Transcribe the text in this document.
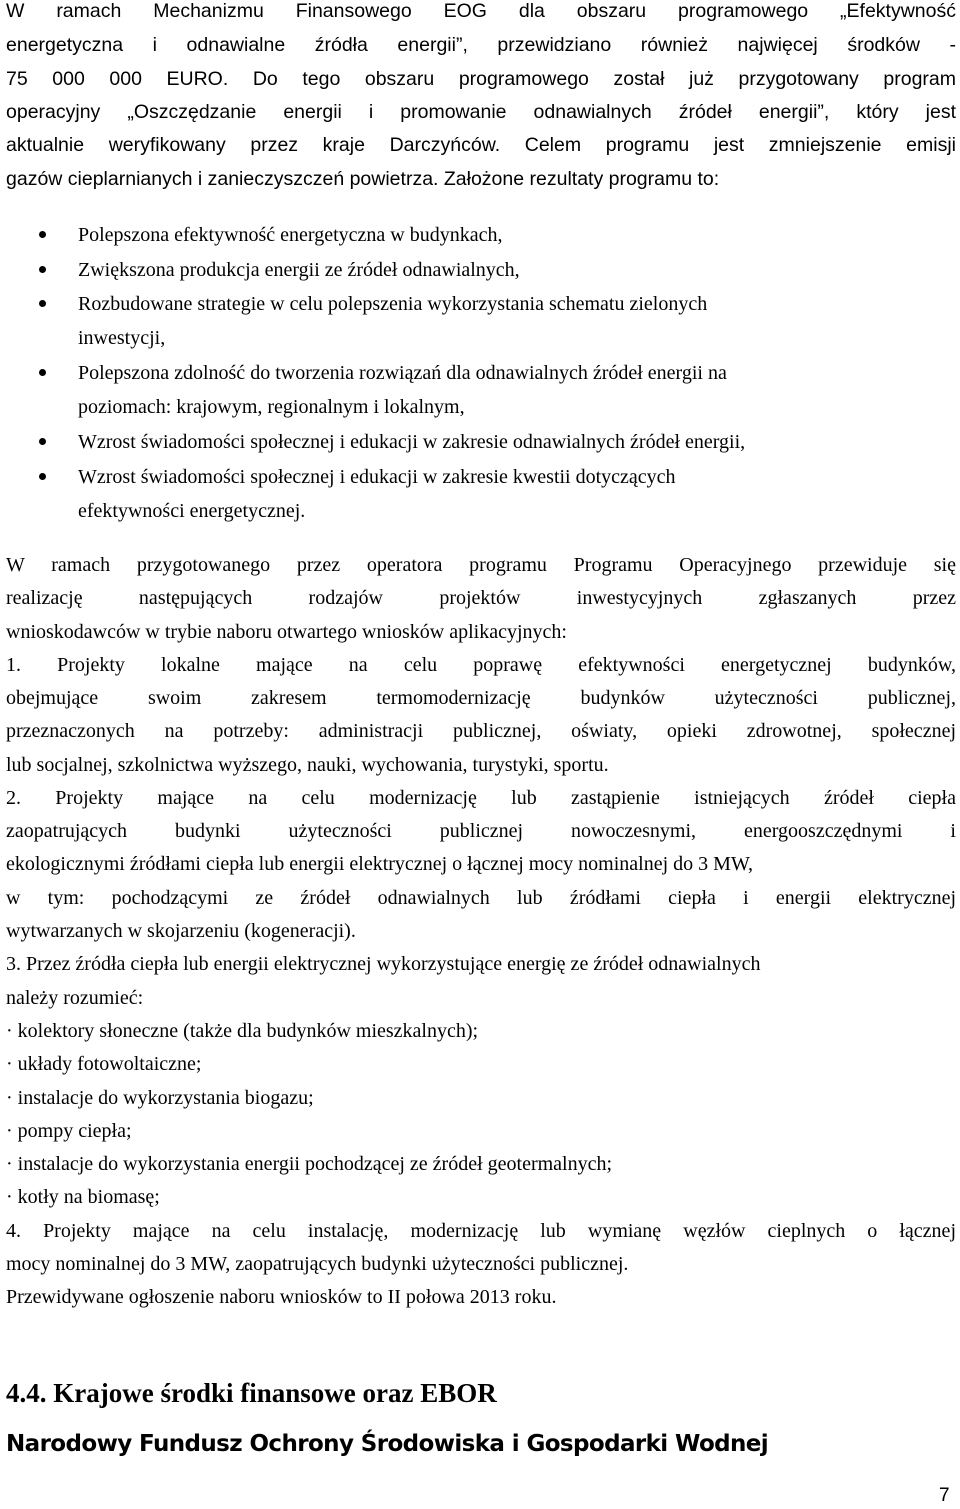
W ramach Mechanizmu Finansowego EOG dla obszaru programowego „Efektywność
energetyczna i odnawialne źródła energii”, przewidziano również najwięcej środków -
75 000 000 EURO. Do tego obszaru programowego został już przygotowany program
operacyjny „Oszczędzanie energii i promowanie odnawialnych źródeł energii”, który jest
aktualnie weryfikowany przez kraje Darczyńców. Celem programu jest zmniejszenie emisji
gazów cieplarnianych i zanieczyszczeń powietrza. Założone rezultaty programu to:
Polepszona efektywność energetyczna w budynkach,
Zwiększona produkcja energii ze źródeł odnawialnych,
Rozbudowane strategie w celu polepszenia wykorzystania schematu zielonych
inwestycji,
Polepszona zdolność do tworzenia rozwiązań dla odnawialnych źródeł energii na
poziomach: krajowym, regionalnym i lokalnym,
Wzrost świadomości społecznej i edukacji w zakresie odnawialnych źródeł energii,
Wzrost świadomości społecznej i edukacji w zakresie kwestii dotyczących
efektywności energetycznej.
W ramach przygotowanego przez operatora programu Programu Operacyjnego przewiduje się
realizację następujących rodzajów projektów inwestycyjnych zgłaszanych przez
wnioskodawców w trybie naboru otwartego wniosków aplikacyjnych:
1. Projekty lokalne mające na celu poprawę efektywności energetycznej budynków,
obejmujące swoim zakresem termomodernizację budynków użyteczności publicznej,
przeznaczonych na potrzeby: administracji publicznej, oświaty, opieki zdrowotnej, społecznej
lub socjalnej, szkolnictwa wyższego, nauki, wychowania, turystyki, sportu.
2. Projekty mające na celu modernizację lub zastąpienie istniejących źródeł ciepła
zaopatrujących budynki użyteczności publicznej nowoczesnymi, energooszczędnymi i
ekologicznymi źródłami ciepła lub energii elektrycznej o łącznej mocy nominalnej do 3 MW,
w tym: pochodzącymi ze źródeł odnawialnych lub źródłami ciepła i energii elektrycznej
wytwarzanych w skojarzeniu (kogeneracji).
3. Przez źródła ciepła lub energii elektrycznej wykorzystujące energię ze źródeł odnawialnych
należy rozumieć:
· kolektory słoneczne (także dla budynków mieszkalnych);
· układy fotowoltaiczne;
· instalacje do wykorzystania biogazu;
· pompy ciepła;
· instalacje do wykorzystania energii pochodzącej ze źródeł geotermalnych;
· kotły na biomasę;
4. Projekty mające na celu instalację, modernizację lub wymianę węzłów cieplnych o łącznej
mocy nominalnej do 3 MW, zaopatrujących budynki użyteczności publicznej.
Przewidywane ogłoszenie naboru wniosków to II połowa 2013 roku.
4.4. Krajowe środki finansowe oraz EBOR
Narodowy Fundusz Ochrony Środowiska i Gospodarki Wodnej
7
